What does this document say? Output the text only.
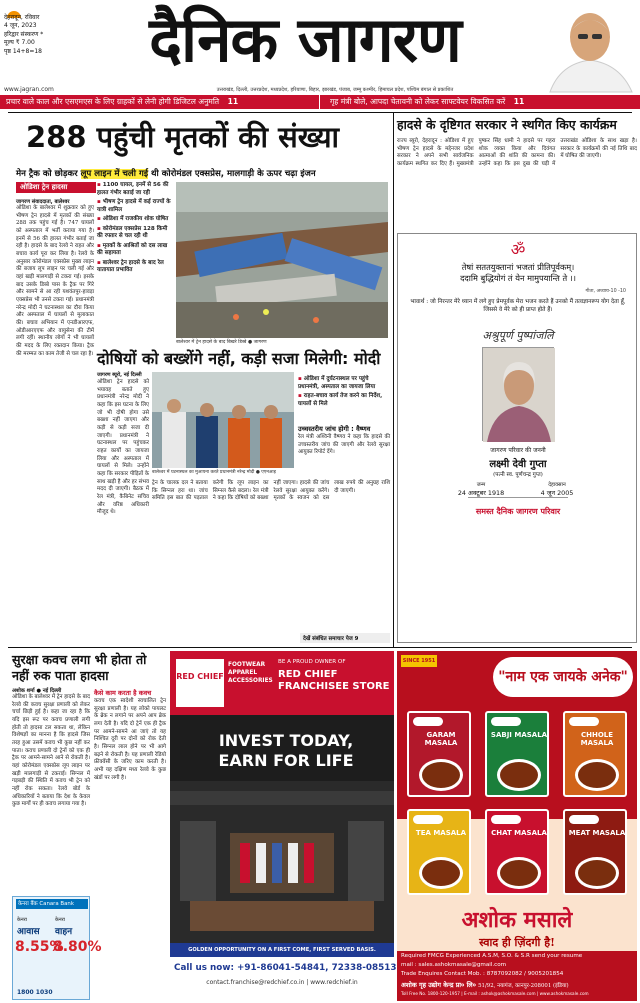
देहरादून, रविवार
4 जून, 2023
हरिद्वार संस्करण *
मूल्य ₹ 7.00
पृष्ठ 14+8=18	दैनिक जागरण
www.jagran.com	उत्तराखंड, दिल्ली, उत्तरप्रदेश, मध्यप्रदेश, हरियाणा, बिहार, झारखंड, पंजाब, जम्मू कश्मीर, हिमाचल प्रदेश, पश्चिम बंगाल से प्रकाशित
प्रचार वाले काल और एसएमएस के लिए ग्राहकों से लेनी होगी डिजिटल अनुमति 11	गृह मंत्री बोले, आपदा चेतावनी को लेकर साफ्टवेयर विकसित करें 11
288 पहुंची मृतकों की संख्या
मेन ट्रैक को छोड़कर लूप लाइन में चली गई थी कोरोमंडल एक्सप्रेस, मालगाड़ी के ऊपर चढ़ा इंजन
ओडिशा ट्रेन हादसा
जागरण संवाददाता, बालेश्वर
ओडिशा के बालेश्वर में शुक्रवार को हुए भीषण ट्रेन हादसे में मृतकों की संख्या 288 तक पहुंच गई है। 747 घायलों को अस्पताल में भर्ती कराया गया है। इनमें से 56 की हालत गंभीर बताई जा रही है। हादसे के बाद रेलवे ने राहत और बचाव कार्य पूरा कर लिया है। रेलवे के अनुसार कोरोमंडल एक्सप्रेस मुख्य लाइन की बजाय लूप लाइन पर चली गई और वहां खड़ी मालगाड़ी से टकरा गई। इसके बाद उसके डिब्बे पास के ट्रैक पर गिरे और सामने से आ रही यशवंतपुर-हावड़ा एक्सप्रेस भी उनसे टकरा गई। प्रधानमंत्री नरेन्द्र मोदी ने घटनास्थल का दौरा किया और अस्पताल में घायलों से मुलाकात की। बचाव अभियान में एनडीआरएफ, ओडीआरएएफ और वायुसेना की टीमें लगी रहीं। स्थानीय लोगों ने भी घायलों की मदद के लिए रक्तदान किया। ट्रैक की मरम्मत का काम तेजी से चल रहा है।
▪ 1100 घायल, इनमें से 56 की हालत गंभीर बताई जा रही
▪ भीषण ट्रेन हादसे में कई राज्यों के यात्री शामिल
▪ ओडिशा में राजकीय शोक घोषित
▪ कोरोमंडल एक्सप्रेस 128 किमी की रफ्तार से चल रही थी
▪ मृतकों के आश्रितों को दस लाख की सहायता
▪ बालेश्वर ट्रेन हादसे के बाद रेल यातायात प्रभावित
बालेश्वर में ट्रेन हादसे के बाद बिखरे डिब्बे ● जागरण
दोषियों को बख्शेंगे नहीं, कड़ी सजा मिलेगी: मोदी
जागरण ब्यूरो, नई दिल्ली
ओडिशा ट्रेन हादसे को भयावह बताते हुए प्रधानमंत्री नरेन्द्र मोदी ने कहा कि इस घटना के लिए जो भी दोषी होगा उसे बख्शा नहीं जाएगा और कड़ी से कड़ी सजा दी जाएगी। प्रधानमंत्री ने घटनास्थल पर पहुंचकर राहत कार्यों का जायजा लिया और अस्पताल में घायलों से मिले। उन्होंने कहा कि सरकार पीड़ितों के साथ खड़ी है और हर संभव मदद दी जाएगी। बैठक में रेल मंत्री, कैबिनेट सचिव और वरिष्ठ अधिकारी मौजूद थे।
बालेश्वर में घटनास्थल का मुआयना करते प्रधानमंत्री नरेन्द्र मोदी ● एएनआइ
▪ ओडिशा में दुर्घटनास्थल पर पहुंचे प्रधानमंत्री, अस्पताल का जायजा लिया
▪ राहत-बचाव कार्य तेज करने का निर्देश, घायलों से मिले
उच्चस्तरीय जांच होगी : वैष्णव
रेल मंत्री अश्विनी वैष्णव ने कहा कि हादसे की उच्चस्तरीय जांच की जाएगी और रेलवे सुरक्षा आयुक्त रिपोर्ट देंगे।
ट्रेन के चालक दल ने बताया कि सिग्नल हरा था। जांच समिति इस बात की पड़ताल करेगी कि लूप लाइन का सिग्नल कैसे बदला। रेल मंत्री ने कहा कि दोषियों को बख्शा नहीं जाएगा। हादसे की जांच रेलवे सुरक्षा आयुक्त करेंगे। मृतकों के स्वजन को दस लाख रुपये की अनुग्रह राशि दी जाएगी।
देखें संबंधित समाचार पेज 9
हादसे के दृष्टिगत सरकार ने स्थगित किए कार्यक्रम
राज्य ब्यूरो, देहरादून : ओडिशा में हुए भीषण ट्रेन हादसे के मद्देनजर प्रदेश सरकार ने अपने सभी सार्वजनिक कार्यक्रम स्थगित कर दिए हैं। मुख्यमंत्री पुष्कर सिंह धामी ने हादसे पर गहरा शोक व्यक्त किया और दिवंगत आत्माओं की शांति की कामना की। उन्होंने कहा कि इस दुख की घड़ी में उत्तराखंड ओडिशा के साथ खड़ा है। सरकार के कार्यक्रमों की नई तिथि बाद में घोषित की जाएगी।
ॐ
तेषां सततयुक्तानां भजतां प्रीतिपूर्वकम्।
ददामि बुद्धियोगं तं येन मामुपयान्ति ते ।।
गीता, अध्याय-10 -10
भावार्थ : जो निरन्तर मेरे ध्यान में लगे हुए प्रेमपूर्वक मेरा भजन करते हैं उनको मैं तत्वज्ञानरूप योग देता हूँ, जिससे वे मेरे को ही प्राप्त होते हैं।
अश्रुपूर्ण पुष्पांजलि
जागरण परिवार की जननी
लक्ष्मी देवी गुप्ता
(पत्नी स्व. पूर्णचन्द्र गुप्त)
जन्म
24 अक्टूबर 1918
देहावसान
4 जून 2005
समस्त दैनिक जागरण परिवार
सुरक्षा कवच लगा भी होता तो नहीं रुक पाता हादसा
अशोक शर्मा ● नई दिल्ली
ओडिशा के बालेश्वर में ट्रेन हादसे के बाद रेलवे की कवच सुरक्षा प्रणाली को लेकर चर्चा छिड़ी हुई है। कहा जा रहा है कि यदि इस रूट पर कवच प्रणाली लगी होती तो हादसा टल सकता था, लेकिन विशेषज्ञों का मानना है कि हादसे जिस तरह हुआ उसमें कवच भी कुछ नहीं कर पाता। कवच प्रणाली दो ट्रेनों को एक ही ट्रैक पर आमने-सामने आने से रोकती है। यहां कोरोमंडल एक्सप्रेस लूप लाइन पर खड़ी मालगाड़ी से टकराई। सिग्नल में गड़बड़ी की स्थिति में कवच भी ट्रेन को नहीं रोक सकता। रेलवे बोर्ड के अधिकारियों ने बताया कि देश के केवल कुछ मार्गों पर ही कवच लगाया गया है।
कैसे काम करता है कवच
कवच एक स्वदेशी स्वचालित ट्रेन सुरक्षा प्रणाली है। यह लोको पायलट के ब्रेक न लगाने पर अपने आप ब्रेक लगा देती है। यदि दो ट्रेनें एक ही ट्रैक पर आमने-सामने आ जाएं तो यह निश्चित दूरी पर दोनों को रोक देती है। सिग्नल लाल होने पर भी आगे बढ़ने से रोकती है। यह प्रणाली रेडियो फ्रीक्वेंसी के जरिए काम करती है। अभी यह दक्षिण मध्य रेलवे के कुछ खंडों पर लगी है।
केनरा बैंक Canara Bank
केनरा
आवास
8.55%
केनरा
वाहन
8.80%
1800 1030
RED CHIEF
FOOTWEAR
APPAREL
ACCESSORIES
BE A PROUD OWNER OF
RED CHIEF
FRANCHISEE STORE
INVEST TODAY,
EARN FOR LIFE
GOLDEN OPPORTUNITY ON A FIRST COME, FIRST SERVED BASIS.
Call us now: +91-86041-54841, 72338-08513
contact.franchise@redchief.co.in | www.redchief.in
SINCE 1951
"नाम एक जायके अनेक"
GARAM MASALA
SABJI MASALA	CHHOLE MASALA
TEA MASALA	CHAT MASALA	MEAT MASALA
अशोक मसाले
स्वाद ही ज़िंदगी है!
Required FMCG Experienced A.S.M, S.O. & S.R send your resume
mail : sales.ashokmasale@gmail.com
Trade Enquires Contact Mob. : 8787092082 / 9005201854
अशोक गृह उद्योग केन्द्र प्रा० लि० 51/92, नयागंज, कानपुर-208001 (इंडिया)
Toll Free No. 1800-120-1957 | E-mail : ashok@ashokmasale.com | www.ashokmasale.com
